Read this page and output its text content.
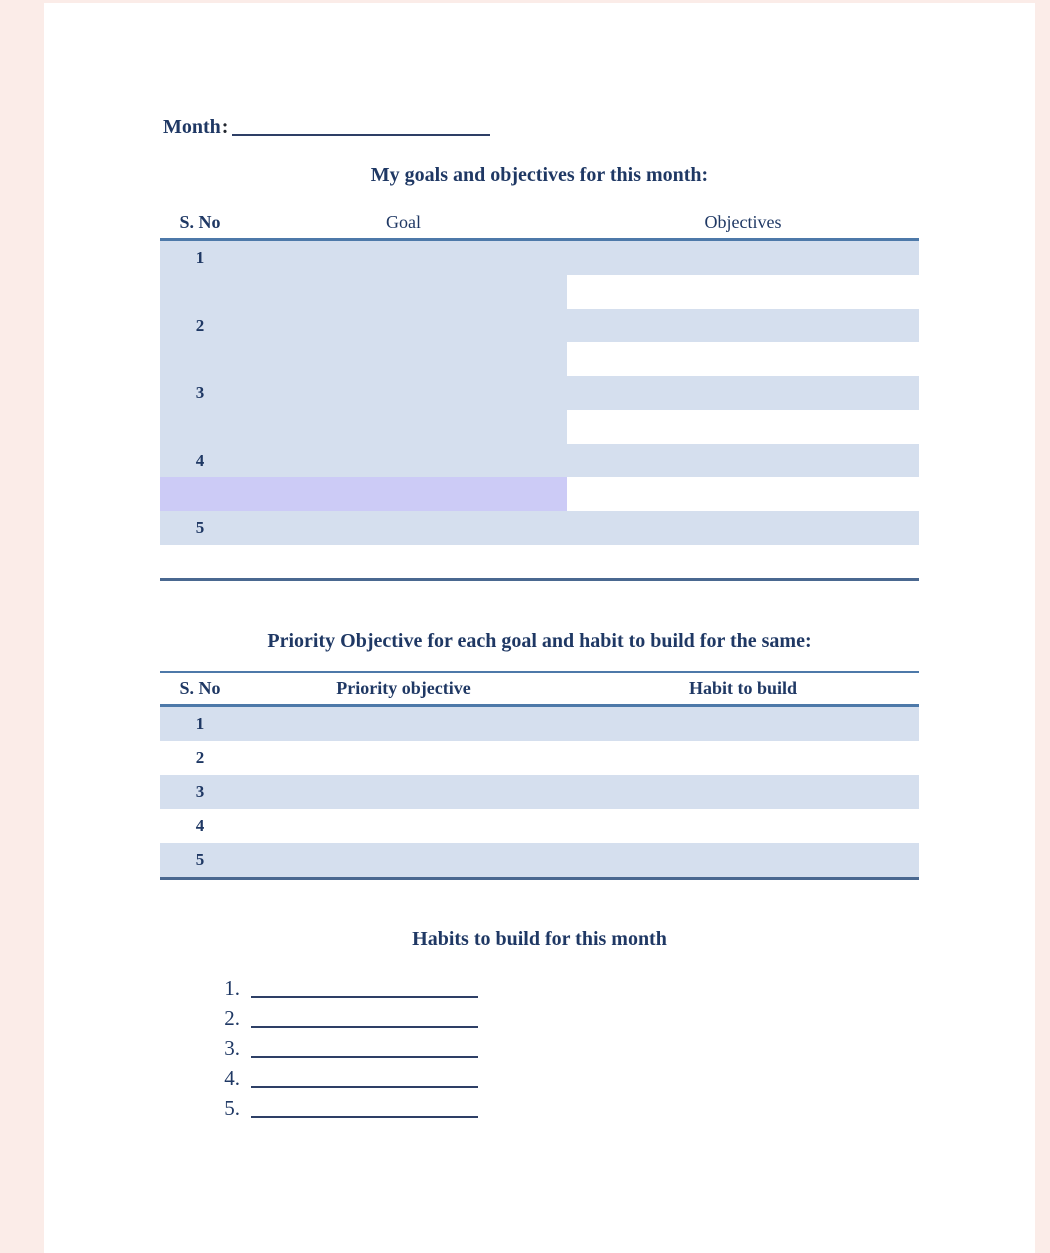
Month :
My goals and objectives for this month:
S. No	Goal	Objectives
1
2
3
4
5
Priority Objective for each goal and habit to build for the same:
S. No	Priority objective	Habit to build
1
2
3
4
5
Habits to build for this month
1.
2.
3.
4.
5.
